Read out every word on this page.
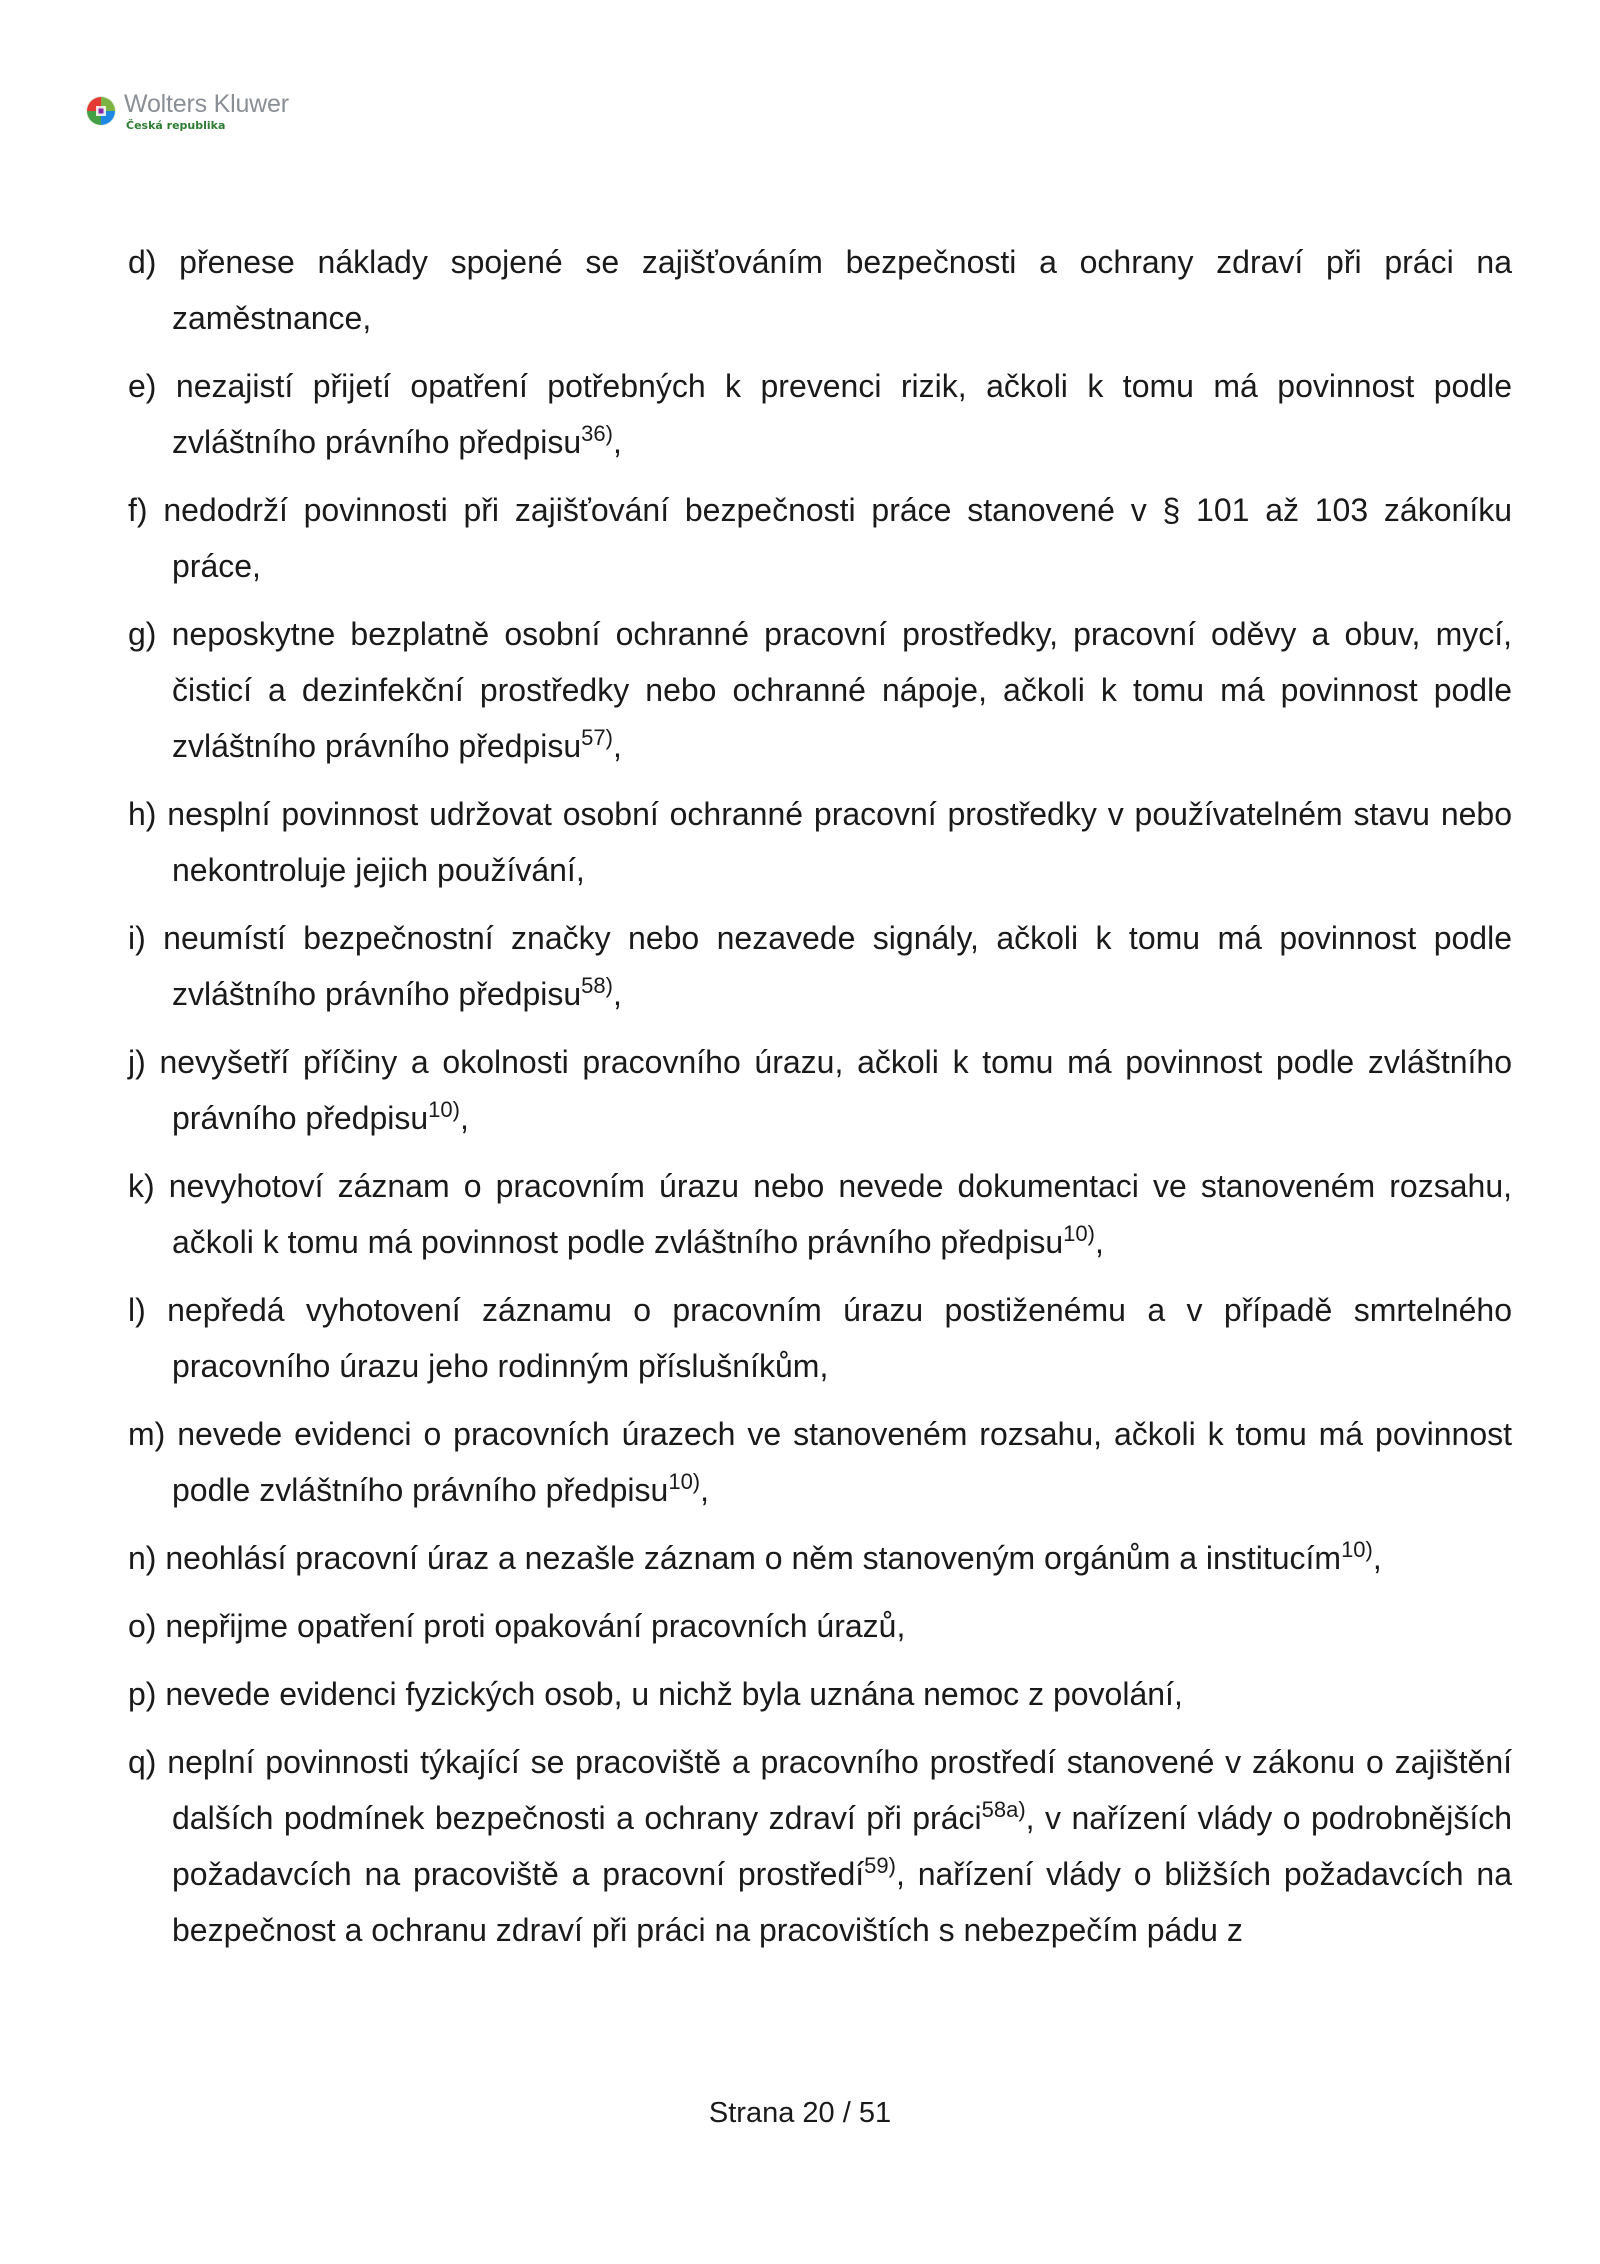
Wolters Kluwer
Česká republika
d) přenese náklady spojené se zajišťováním bezpečnosti a ochrany zdraví při práci na zaměstnance,
e) nezajistí přijetí opatření potřebných k prevenci rizik, ačkoli k tomu má povinnost podle zvláštního právního předpisu$^{36)}$,
f) nedodrží povinnosti při zajišťování bezpečnosti práce stanovené v § 101 až 103 zákoníku práce,
g) neposkytne bezplatně osobní ochranné pracovní prostředky, pracovní oděvy a obuv, mycí, čisticí a dezinfekční prostředky nebo ochranné nápoje, ačkoli k tomu má povinnost podle zvláštního právního předpisu$^{57)}$,
h) nesplní povinnost udržovat osobní ochranné pracovní prostředky v používatelném stavu nebo nekontroluje jejich používání,
i) neumístí bezpečnostní značky nebo nezavede signály, ačkoli k tomu má povinnost podle zvláštního právního předpisu$^{58)}$,
j) nevyšetří příčiny a okolnosti pracovního úrazu, ačkoli k tomu má povinnost podle zvláštního právního předpisu$^{10)}$,
k) nevyhotoví záznam o pracovním úrazu nebo nevede dokumentaci ve stanoveném rozsahu, ačkoli k tomu má povinnost podle zvláštního právního předpisu$^{10)}$,
l) nepředá vyhotovení záznamu o pracovním úrazu postiženému a v případě smrtelného pracovního úrazu jeho rodinným příslušníkům,
m) nevede evidenci o pracovních úrazech ve stanoveném rozsahu, ačkoli k tomu má povinnost podle zvláštního právního předpisu$^{10)}$,
n) neohlásí pracovní úraz a nezašle záznam o něm stanoveným orgánům a institucím$^{10)}$,
o) nepřijme opatření proti opakování pracovních úrazů,
p) nevede evidenci fyzických osob, u nichž byla uznána nemoc z povolání,
q) neplní povinnosti týkající se pracoviště a pracovního prostředí stanovené v zákonu o zajištění dalších podmínek bezpečnosti a ochrany zdraví při práci$^{58a)}$, v nařízení vlády o podrobnějších požadavcích na pracoviště a pracovní prostředí$^{59)}$, nařízení vlády o bližších požadavcích na bezpečnost a ochranu zdraví při práci na pracovištích s nebezpečím pádu z
Strana 20 / 51
